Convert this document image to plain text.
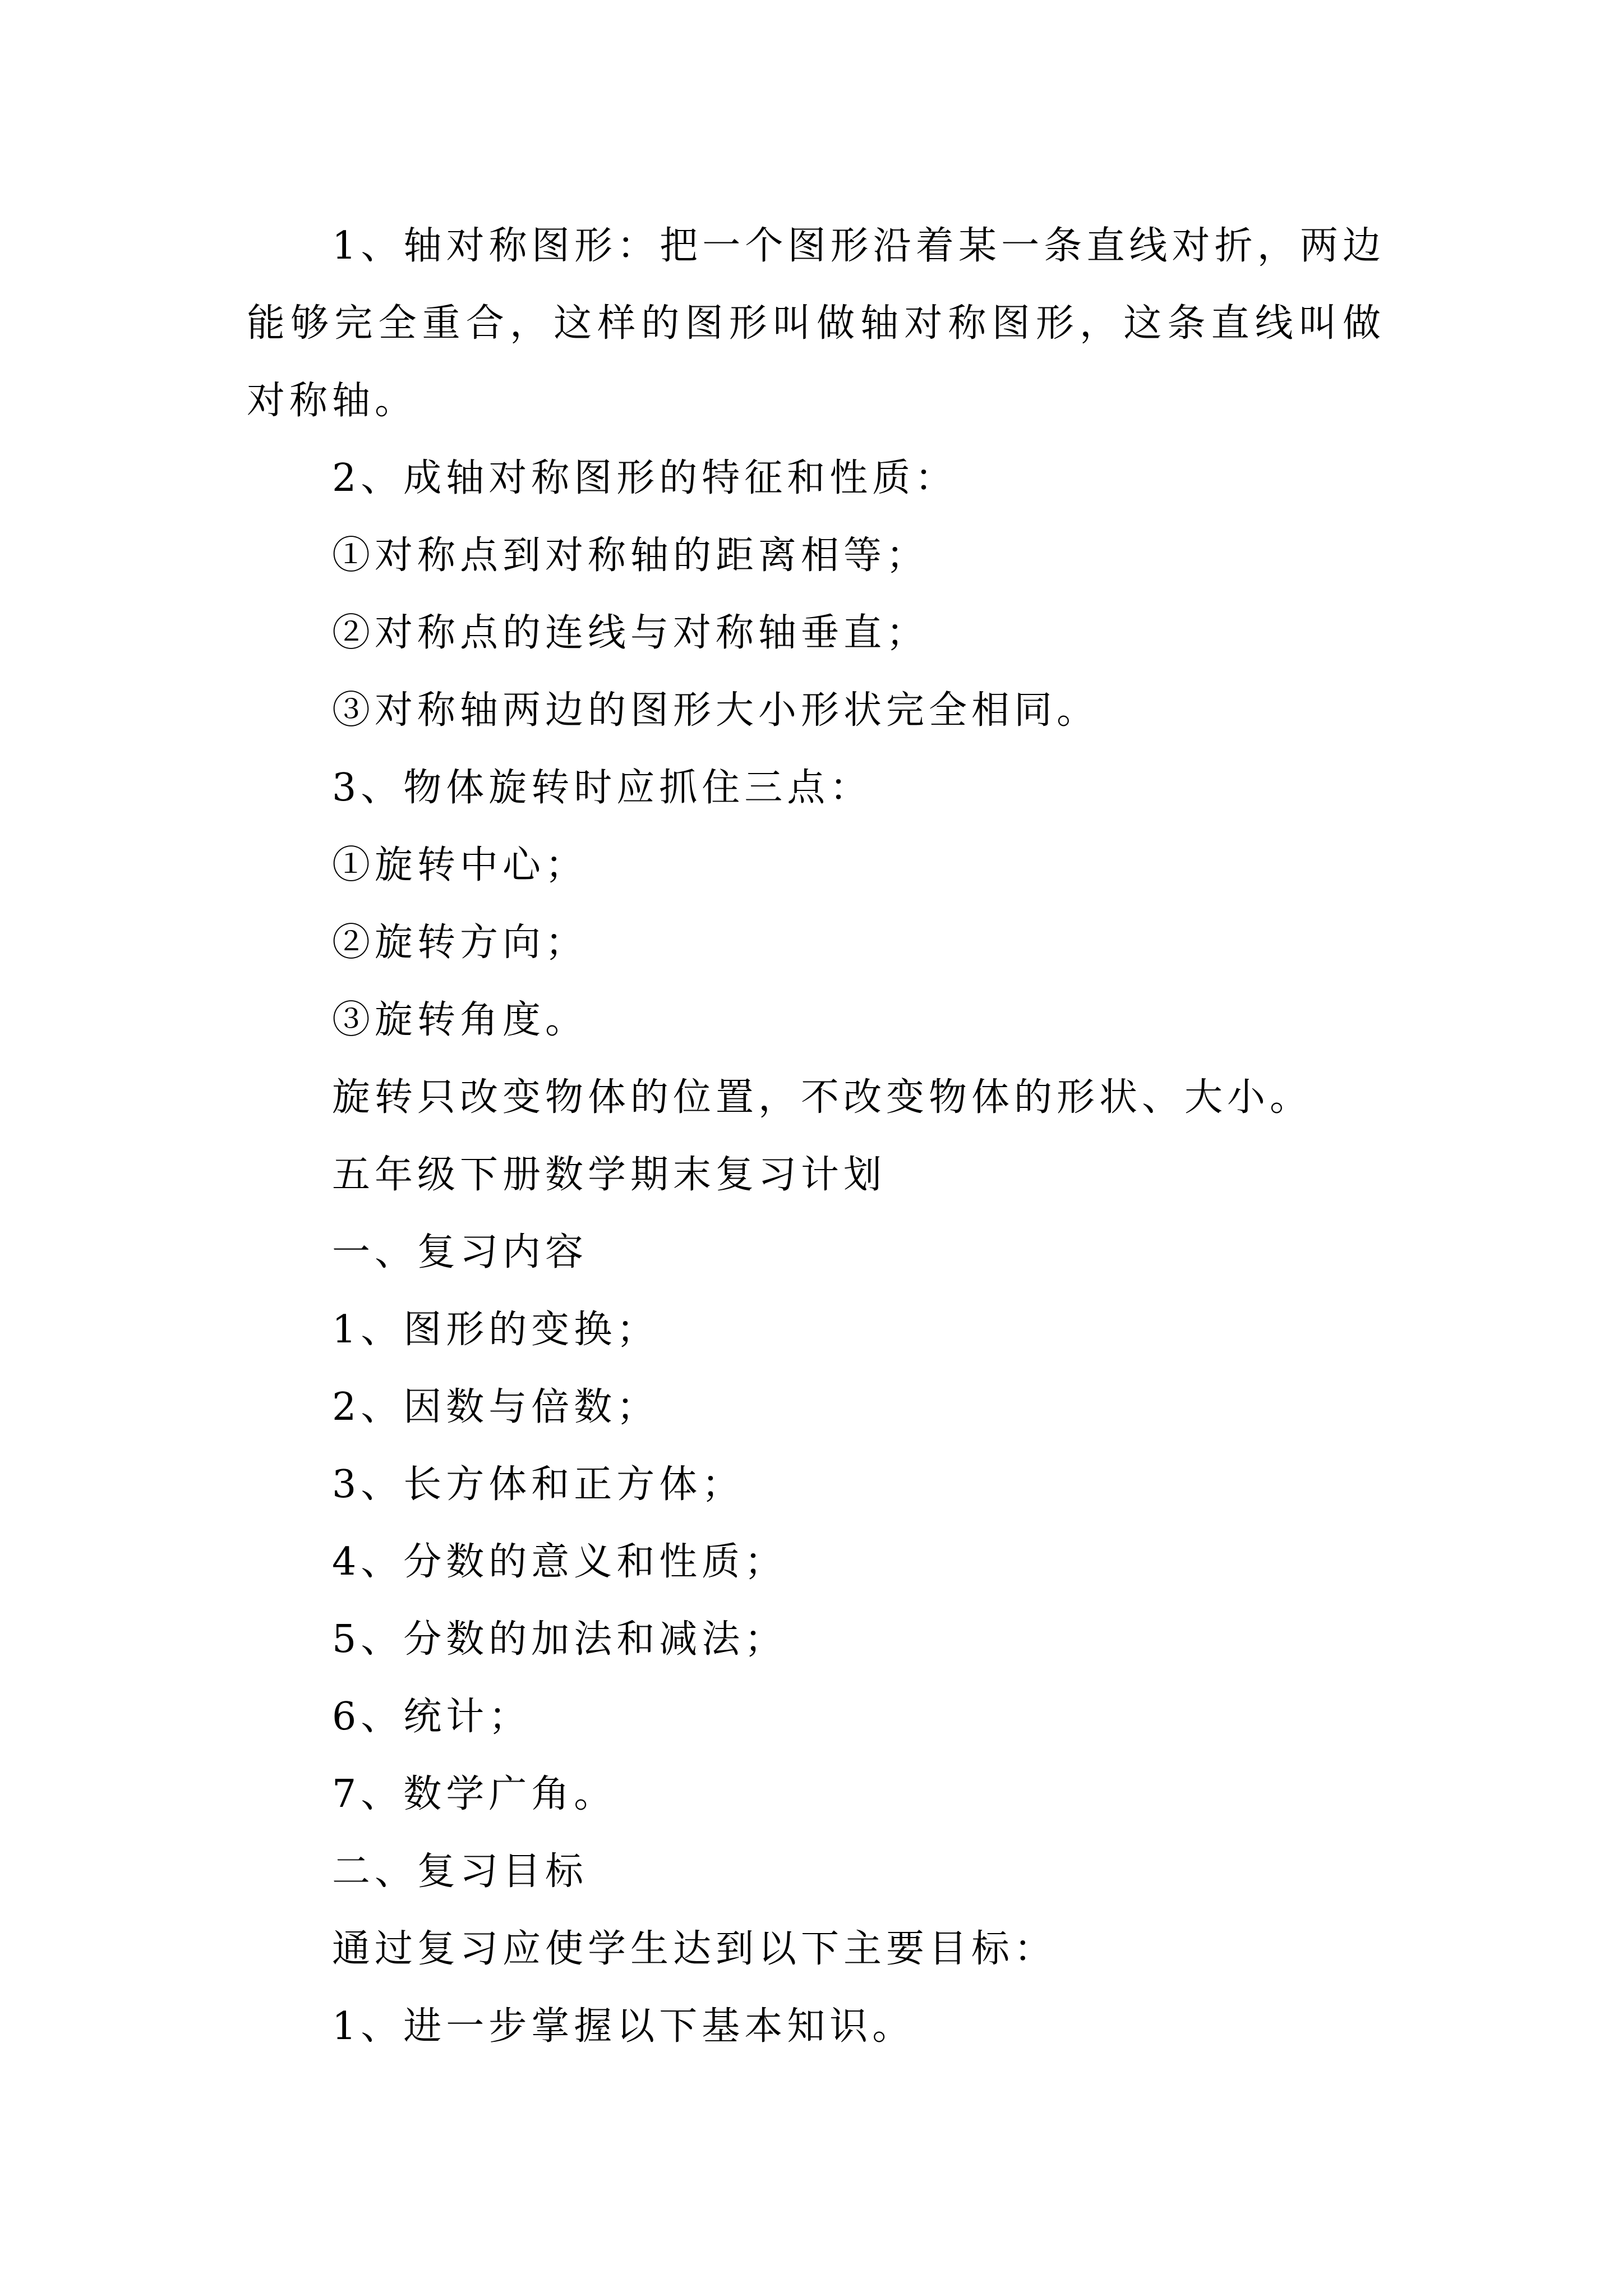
1、轴对称图形：把一个图形沿着某一条直线对折，两边能够完全重合，这样的图形叫做轴对称图形，这条直线叫做对称轴。

2、成轴对称图形的特征和性质：

①对称点到对称轴的距离相等；

②对称点的连线与对称轴垂直；

③对称轴两边的图形大小形状完全相同。

3、物体旋转时应抓住三点：

①旋转中心；

②旋转方向；

③旋转角度。

旋转只改变物体的位置，不改变物体的形状、大小。

五年级下册数学期末复习计划

一、复习内容

1、图形的变换；

2、因数与倍数；

3、长方体和正方体；

4、分数的意义和性质；

5、分数的加法和减法；

6、统计；

7、数学广角。

二、复习目标

通过复习应使学生达到以下主要目标：

1、进一步掌握以下基本知识。
